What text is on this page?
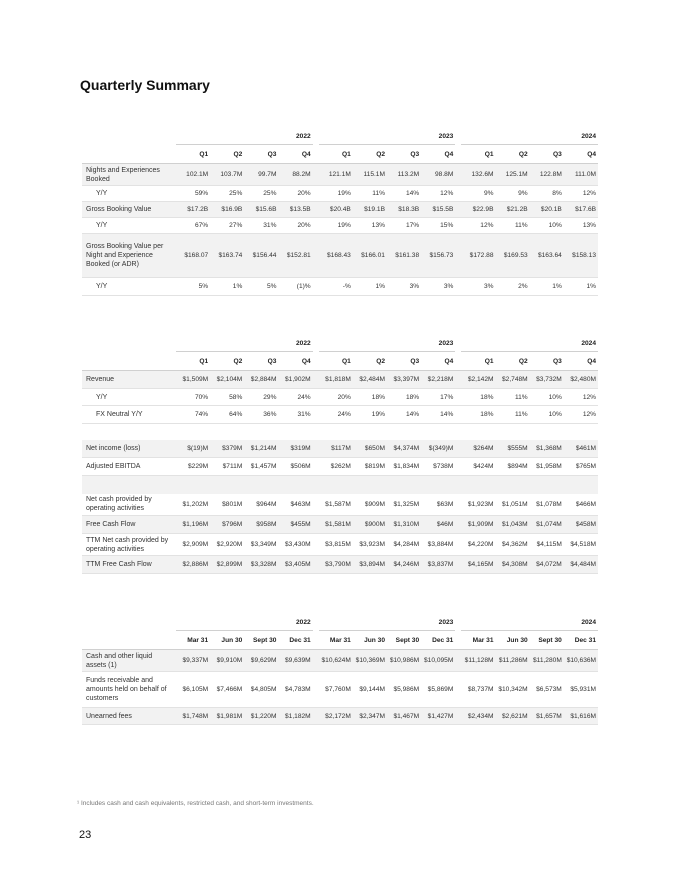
Quarterly Summary
	2022					2023					2024			
	Q1	Q2	Q3	Q4		Q1	Q2	Q3	Q4		Q1	Q2	Q3	Q4
Nights and Experiences Booked	102.1M	103.7M	99.7M	88.2M		121.1M	115.1M	113.2M	98.8M		132.6M	125.1M	122.8M	111.0M
Y/Y	59%	25%	25%	20%		19%	11%	14%	12%		9%	9%	8%	12%
Gross Booking Value	$17.2B	$16.9B	$15.6B	$13.5B		$20.4B	$19.1B	$18.3B	$15.5B		$22.9B	$21.2B	$20.1B	$17.6B
Y/Y	67%	27%	31%	20%		19%	13%	17%	15%		12%	11%	10%	13%
Gross Booking Value per Night and Experience Booked (or ADR)	$168.07	$163.74	$156.44	$152.81		$168.43	$166.01	$161.38	$156.73		$172.88	$169.53	$163.64	$158.13
Y/Y	5%	1%	5%	(1)%		-%	1%	3%	3%		3%	2%	1%	1%
	2022					2023					2024			
	Q1	Q2	Q3	Q4		Q1	Q2	Q3	Q4		Q1	Q2	Q3	Q4
Revenue	$1,509M	$2,104M	$2,884M	$1,902M		$1,818M	$2,484M	$3,397M	$2,218M		$2,142M	$2,748M	$3,732M	$2,480M
Y/Y	70%	58%	29%	24%		20%	18%	18%	17%		18%	11%	10%	12%
FX Neutral Y/Y	74%	64%	36%	31%		24%	19%	14%	14%		18%	11%	10%	12%

Net income (loss)	$(19)M	$379M	$1,214M	$319M		$117M	$650M	$4,374M	$(349)M		$264M	$555M	$1,368M	$461M
Adjusted EBITDA	$229M	$711M	$1,457M	$506M		$262M	$819M	$1,834M	$738M		$424M	$894M	$1,958M	$765M

Net cash provided by operating activities	$1,202M	$801M	$964M	$463M		$1,587M	$909M	$1,325M	$63M		$1,923M	$1,051M	$1,078M	$466M
Free Cash Flow	$1,196M	$796M	$958M	$455M		$1,581M	$900M	$1,310M	$46M		$1,909M	$1,043M	$1,074M	$458M
TTM Net cash provided by operating activities	$2,909M	$2,920M	$3,349M	$3,430M		$3,815M	$3,923M	$4,284M	$3,884M		$4,220M	$4,362M	$4,115M	$4,518M
TTM Free Cash Flow	$2,886M	$2,899M	$3,328M	$3,405M		$3,790M	$3,894M	$4,246M	$3,837M		$4,165M	$4,308M	$4,072M	$4,484M
	2022					2023					2024			
	Mar 31	Jun 30	Sept 30	Dec 31		Mar 31	Jun 30	Sept 30	Dec 31		Mar 31	Jun 30	Sept 30	Dec 31
Cash and other liquid assets (1)	$9,337M	$9,910M	$9,629M	$9,639M		$10,624M	$10,369M	$10,986M	$10,095M		$11,128M	$11,286M	$11,280M	$10,636M
Funds receivable and amounts held on behalf of customers	$6,105M	$7,466M	$4,805M	$4,783M		$7,760M	$9,144M	$5,986M	$5,869M		$8,737M	$10,342M	$6,573M	$5,931M
Unearned fees	$1,748M	$1,981M	$1,220M	$1,182M		$2,172M	$2,347M	$1,467M	$1,427M		$2,434M	$2,621M	$1,657M	$1,616M

¹ Includes cash and cash equivalents, restricted cash, and short-term investments.

23
